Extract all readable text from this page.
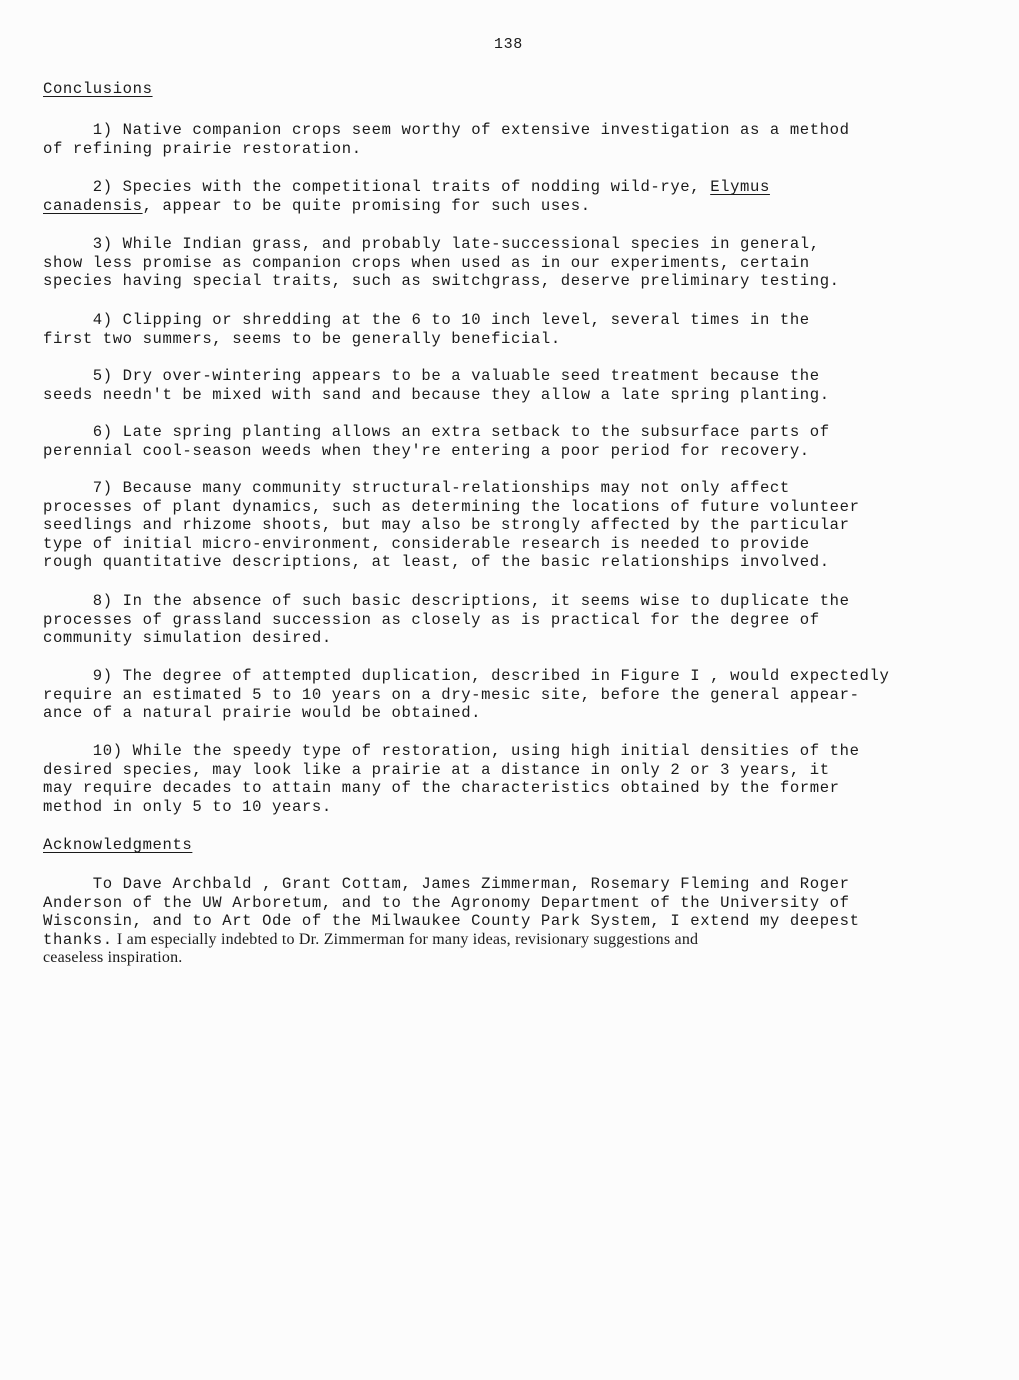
138
Conclusions
1) Native companion crops seem worthy of extensive investigation as a method
of refining prairie restoration.
2) Species with the competitional traits of nodding wild-rye, Elymus
canadensis, appear to be quite promising for such uses.
3) While Indian grass, and probably late-successional species in general,
show less promise as companion crops when used as in our experiments, certain
species having special traits, such as switchgrass, deserve preliminary testing.
4) Clipping or shredding at the 6 to 10 inch level, several times in the
first two summers, seems to be generally beneficial.
5) Dry over-wintering appears to be a valuable seed treatment because the
seeds needn't be mixed with sand and because they allow a late spring planting.
6) Late spring planting allows an extra setback to the subsurface parts of
perennial cool-season weeds when they're entering a poor period for recovery.
7) Because many community structural-relationships may not only affect
processes of plant dynamics, such as determining the locations of future volunteer
seedlings and rhizome shoots, but may also be strongly affected by the particular
type of initial micro-environment, considerable research is needed to provide
rough quantitative descriptions, at least, of the basic relationships involved.
8) In the absence of such basic descriptions, it seems wise to duplicate the
processes of grassland succession as closely as is practical for the degree of
community simulation desired.
9) The degree of attempted duplication, described in Figure I , would expectedly
require an estimated 5 to 10 years on a dry-mesic site, before the general appear-
ance of a natural prairie would be obtained.
10) While the speedy type of restoration, using high initial densities of the
desired species, may look like a prairie at a distance in only 2 or 3 years, it
may require decades to attain many of the characteristics obtained by the former
method in only 5 to 10 years.
Acknowledgments
To Dave Archbald , Grant Cottam, James Zimmerman, Rosemary Fleming and Roger
Anderson of the UW Arboretum, and to the Agronomy Department of the University of
Wisconsin, and to Art Ode of the Milwaukee County Park System, I extend my deepest
thanks. I am especially indebted to Dr. Zimmerman for many ideas, revisionary suggestions and
ceaseless inspiration.
